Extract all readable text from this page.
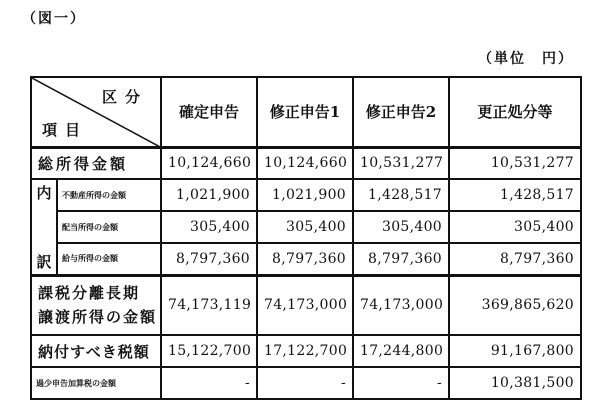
（図一）
（単位　円）
区分
項目		確定申告	修正申告1	修正申告2	更正処分等
総所得金額		10,124,660	10,124,660	10,531,277	10,531,277
内	不動産所得の金額	1,021,900	1,021,900	1,428,517	1,428,517
	配当所得の金額	305,400	305,400	305,400	305,400
訳	給与所得の金額	8,797,360	8,797,360	8,797,360	8,797,360

課税分離長期
譲渡所得の金額		74,173,119	74,173,000	74,173,000	369,865,620
納付すべき税額		15,122,700	17,122,700	17,244,800	91,167,800
過少申告加算税の金額		-	-	-	10,381,500
